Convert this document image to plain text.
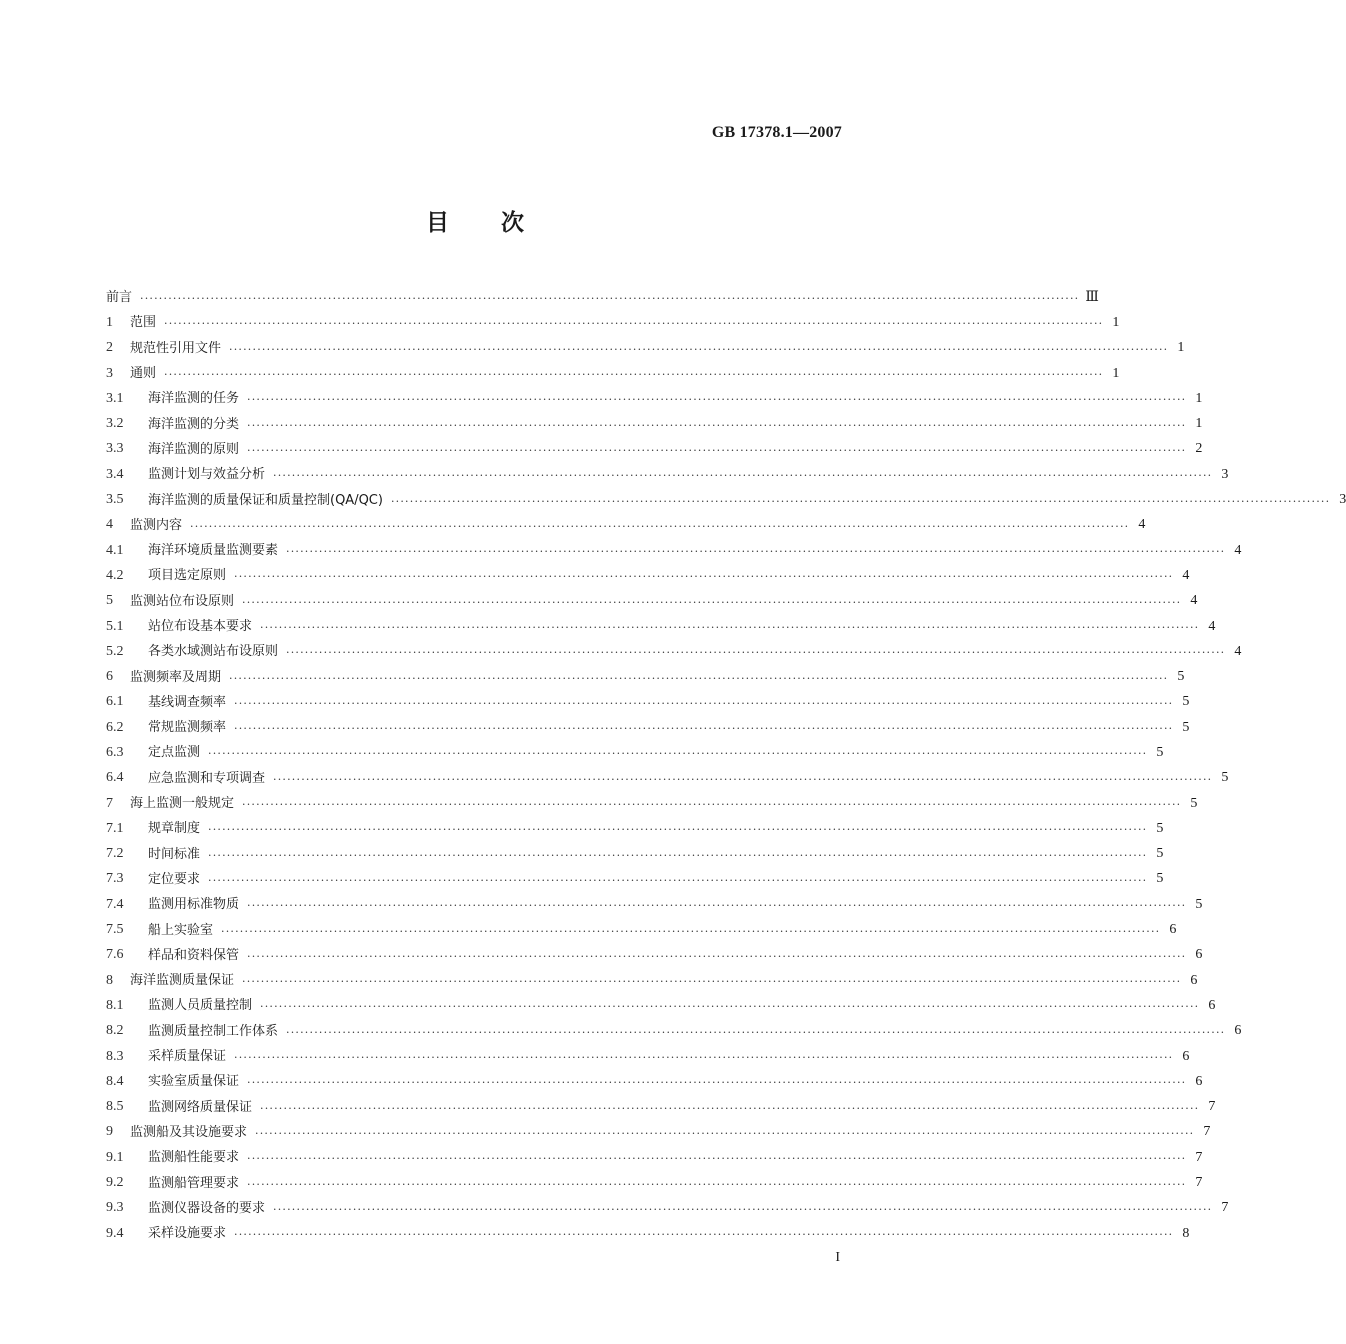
GB 17378.1—2007
目 次
前言 ········································································································································································································ Ⅲ
1	范围 ········································································································································································································ 1
2	规范性引用文件 ········································································································································································································ 1
3	通则 ········································································································································································································ 1
3.1	海洋监测的任务 ········································································································································································································ 1
3.2	海洋监测的分类 ········································································································································································································ 1
3.3	海洋监测的原则 ········································································································································································································ 2
3.4	监测计划与效益分析 ········································································································································································································ 3
3.5	海洋监测的质量保证和质量控制(QA/QC) ········································································································································································································ 3
4	监测内容 ········································································································································································································ 4
4.1	海洋环境质量监测要素 ········································································································································································································ 4
4.2	项目选定原则 ········································································································································································································ 4
5	监测站位布设原则 ········································································································································································································ 4
5.1	站位布设基本要求 ········································································································································································································ 4
5.2	各类水域测站布设原则 ········································································································································································································ 4
6	监测频率及周期 ········································································································································································································ 5
6.1	基线调查频率 ········································································································································································································ 5
6.2	常规监测频率 ········································································································································································································ 5
6.3	定点监测 ········································································································································································································ 5
6.4	应急监测和专项调查 ········································································································································································································ 5
7	海上监测一般规定 ········································································································································································································ 5
7.1	规章制度 ········································································································································································································ 5
7.2	时间标准 ········································································································································································································ 5
7.3	定位要求 ········································································································································································································ 5
7.4	监测用标准物质 ········································································································································································································ 5
7.5	船上实验室 ········································································································································································································ 6
7.6	样品和资料保管 ········································································································································································································ 6
8	海洋监测质量保证 ········································································································································································································ 6
8.1	监测人员质量控制 ········································································································································································································ 6
8.2	监测质量控制工作体系 ········································································································································································································ 6
8.3	采样质量保证 ········································································································································································································ 6
8.4	实验室质量保证 ········································································································································································································ 6
8.5	监测网络质量保证 ········································································································································································································ 7
9	监测船及其设施要求 ········································································································································································································ 7
9.1	监测船性能要求 ········································································································································································································ 7
9.2	监测船管理要求 ········································································································································································································ 7
9.3	监测仪器设备的要求 ········································································································································································································ 7
9.4	采样设施要求 ········································································································································································································ 8
I
